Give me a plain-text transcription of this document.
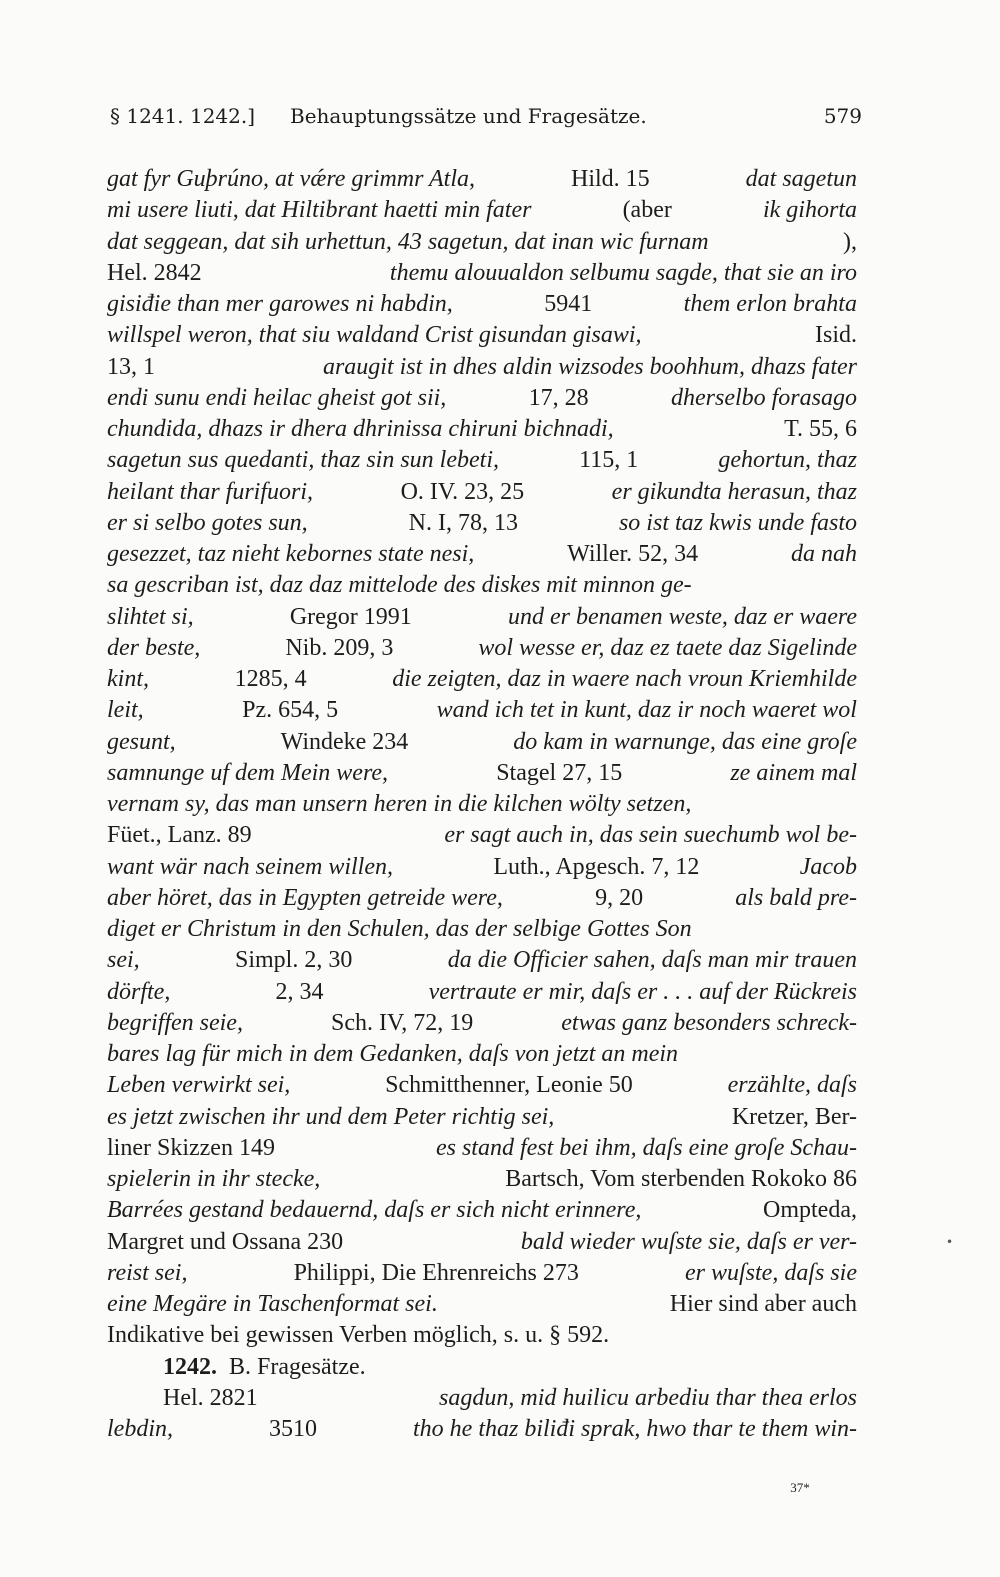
§ 1241. 1242.] Behauptungssätze und Fragesätze.	579
gat fyr Guþrúno, at vǽre grimmr Atla,	Hild. 15	dat sagetun
mi usere liuti, dat Hiltibrant haetti min fater	(aber	ik gihorta
dat seggean, dat sih urhettun, 43 sagetun, dat inan wic furnam	),
Hel. 2842	themu alouualdon selbumu sagde, that sie an iro
gisiđie than mer garowes ni habdin,	5941	them erlon brahta
willspel weron, that siu waldand Crist gisundan gisawi,	Isid.
13, 1	araugit ist in dhes aldin wizsodes boohhum, dhazs fater
endi sunu endi heilac gheist got sii,	17, 28	dherselbo forasago
chundida, dhazs ir dhera dhrinissa chiruni bichnadi,	T. 55, 6
sagetun sus quedanti, thaz sin sun lebeti,	115, 1	gehortun, thaz
heilant thar furifuori,	O. IV. 23, 25	er gikundta herasun, thaz
er si selbo gotes sun,	N. I, 78, 13	so ist taz kwis unde fasto
gesezzet, taz nieht kebornes state nesi,	Willer. 52, 34	da nah
sa gescriban ist, daz daz mittelode des diskes mit minnon ge-
slihtet si,	Gregor 1991	und er benamen weste, daz er waere
der beste,	Nib. 209, 3	wol wesse er, daz ez taete daz Sigelinde
kint,	1285, 4	die zeigten, daz in waere nach vroun Kriemhilde
leit,	Pz. 654, 5	wand ich tet in kunt, daz ir noch waeret wol
gesunt,	Windeke 234	do kam in warnunge, das eine groſe
samnunge uf dem Mein were,	Stagel 27, 15	ze ainem mal
vernam sy, das man unsern heren in die kilchen wölty setzen,
Füet., Lanz. 89	er sagt auch in, das sein suechumb wol be-
want wär nach seinem willen,	Luth., Apgesch. 7, 12	Jacob
aber höret, das in Egypten getreide were,	9, 20	als bald pre-
diget er Christum in den Schulen, das der selbige Gottes Son
sei,	Simpl. 2, 30	da die Officier sahen, daſs man mir trauen
dörfte,	2, 34	vertraute er mir, daſs er . . . auf der Rückreis
begriffen seie,	Sch. IV, 72, 19	etwas ganz besonders schreck-
bares lag für mich in dem Gedanken, daſs von jetzt an mein
Leben verwirkt sei,	Schmitthenner, Leonie 50	erzählte, daſs
es jetzt zwischen ihr und dem Peter richtig sei,	Kretzer, Ber-
liner Skizzen 149	es stand fest bei ihm, daſs eine groſe Schau-
spielerin in ihr stecke,	Bartsch, Vom sterbenden Rokoko 86
Barrées gestand bedauernd, daſs er sich nicht erinnere,	Ompteda,
Margret und Ossana 230	bald wieder wuſste sie, daſs er ver-
reist sei,	Philippi, Die Ehrenreichs 273	er wuſste, daſs sie
eine Megäre in Taschenformat sei.	Hier sind aber auch
Indikative bei gewissen Verben möglich, s. u. § 592.
1242. B. Fragesätze.
Hel. 2821	sagdun, mid huilicu arbediu thar thea erlos
lebdin,	3510	tho he thaz biliđi sprak, hwo thar te them win-
•
37*
